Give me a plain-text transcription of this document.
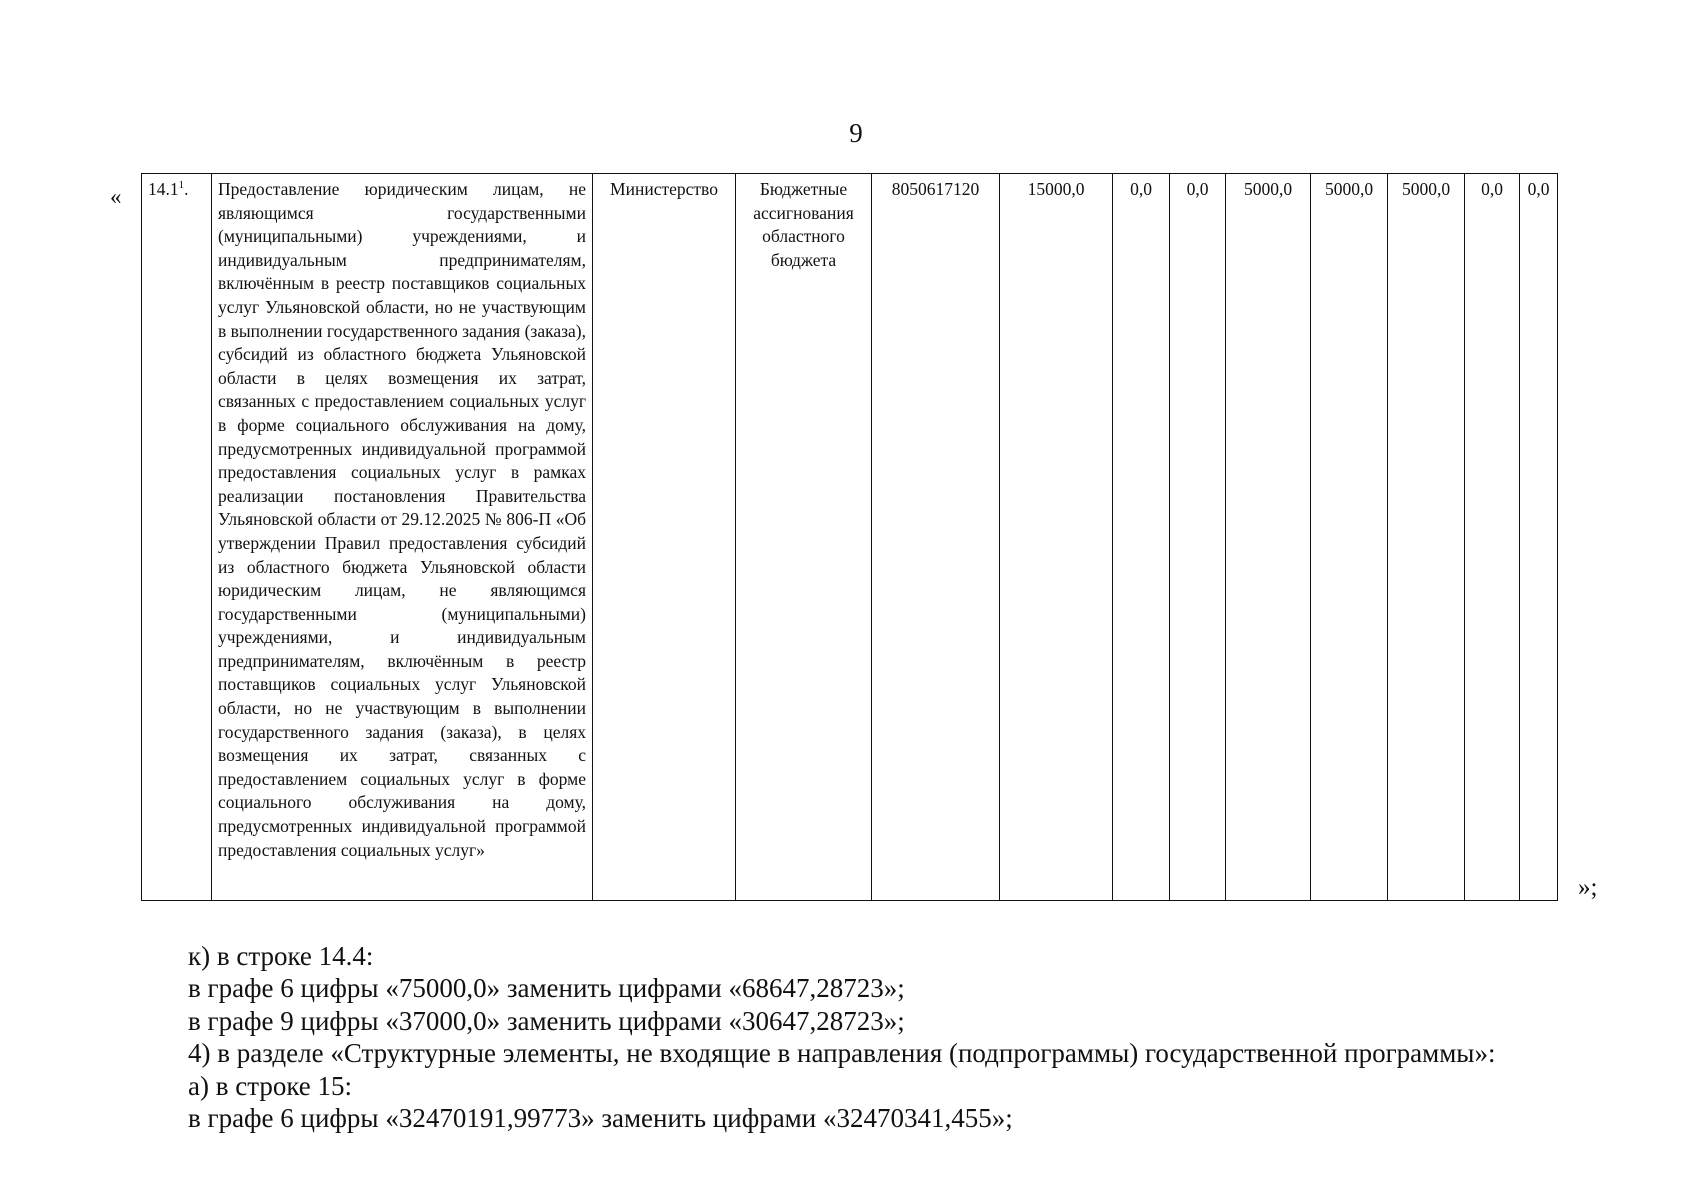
9
« 14.1$^1$.	Предоставление юридическим лицам, не являющимся государственными (муниципальными) учреждениями, и индивидуальным предпринимателям, включённым в реестр поставщиков социальных услуг Ульяновской области, но не участвующим в выполнении государственного задания (заказа), субсидий из областного бюджета Ульяновской области в целях возмещения их затрат, связанных с предоставлением социальных услуг в форме социального обслуживания на дому, предусмотренных индивидуальной программой предоставления социальных услуг в рамках реализации постановления Правительства Ульяновской области от 29.12.2025 № 806-П «Об утверждении Правил предоставления субсидий из областного бюджета Ульяновской области юридическим лицам, не являющимся государственными (муниципальными) учреждениями, и индивидуальным предпринимателям, включённым в реестр поставщиков социальных услуг Ульяновской области, но не участвующим в выполнении государственного задания (заказа), в целях возмещения их затрат, связанных с предоставлением социальных услуг в форме социального обслуживания на дому, предусмотренных индивидуальной программой предоставления социальных услуг»	Министерство	Бюджетные ассигнования областного бюджета	8050617120	15000,0	0,0	0,0	5000,0	5000,0	5000,0	0,0	0,0
»;
к) в строке 14.4:
в графе 6 цифры «75000,0» заменить цифрами «68647,28723»;
в графе 9 цифры «37000,0» заменить цифрами «30647,28723»;
4) в разделе «Структурные элементы, не входящие в направления (подпрограммы) государственной программы»:
а) в строке 15:
в графе 6 цифры «32470191,99773» заменить цифрами «32470341,455»;
